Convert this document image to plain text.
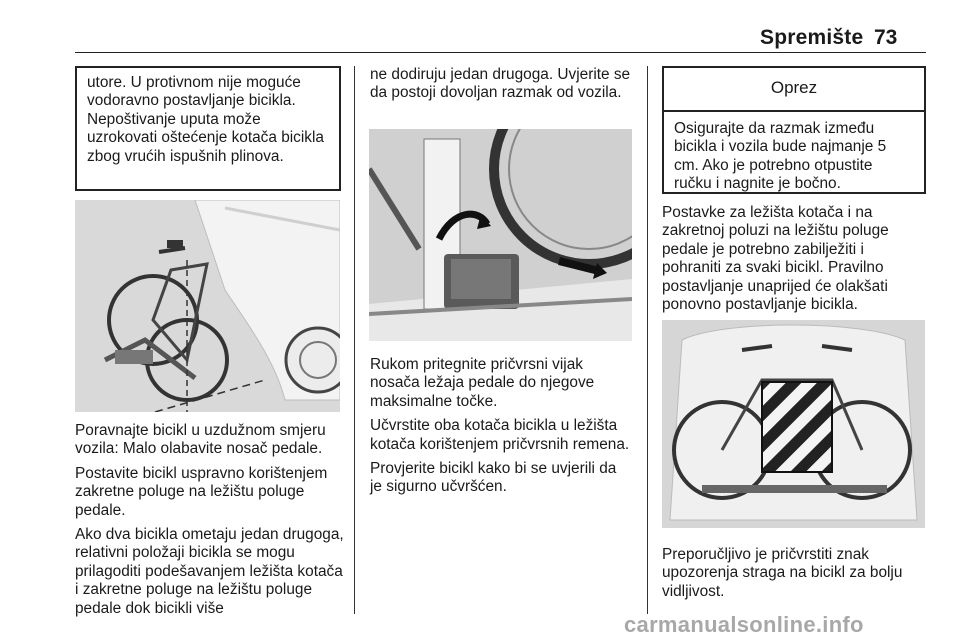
Spremište 73
utore. U protivnom nije moguće vodoravno postavljanje bicikla. Nepoštivanje uputa može uzrokovati oštećenje kotača bicikla zbog vrućih ispušnih plinova.

Poravnajte bicikl u uzdužnom smjeru vozila: Malo olabavite nosač pedale.

Postavite bicikl uspravno korištenjem zakretne poluge na ležištu poluge pedale.

Ako dva bicikla ometaju jedan drugoga, relativni položaji bicikla se mogu prilagoditi podešavanjem ležišta kotača i zakretne poluge na ležištu poluge pedale dok bicikli više

ne dodiruju jedan drugoga. Uvjerite se da postoji dovoljan razmak od vozila.

Rukom pritegnite pričvrsni vijak nosača ležaja pedale do njegove maksimalne točke.

Učvrstite oba kotača bicikla u ležišta kotača korištenjem pričvrsnih remena.

Provjerite bicikl kako bi se uvjerili da je sigurno učvršćen.

Oprez
Osigurajte da razmak između bicikla i vozila bude najmanje 5 cm. Ako je potrebno otpustite ručku i nagnite je bočno.
Postavke za ležišta kotača i na zakretnoj poluzi na ležištu poluge pedale je potrebno zabilježiti i pohraniti za svaki bicikl. Pravilno postavljanje unaprijed će olakšati ponovno postavljanje bicikla.
Preporučljivo je pričvrstiti znak upozorenja straga na bicikl za bolju vidljivost.
carmanualsonline.info
